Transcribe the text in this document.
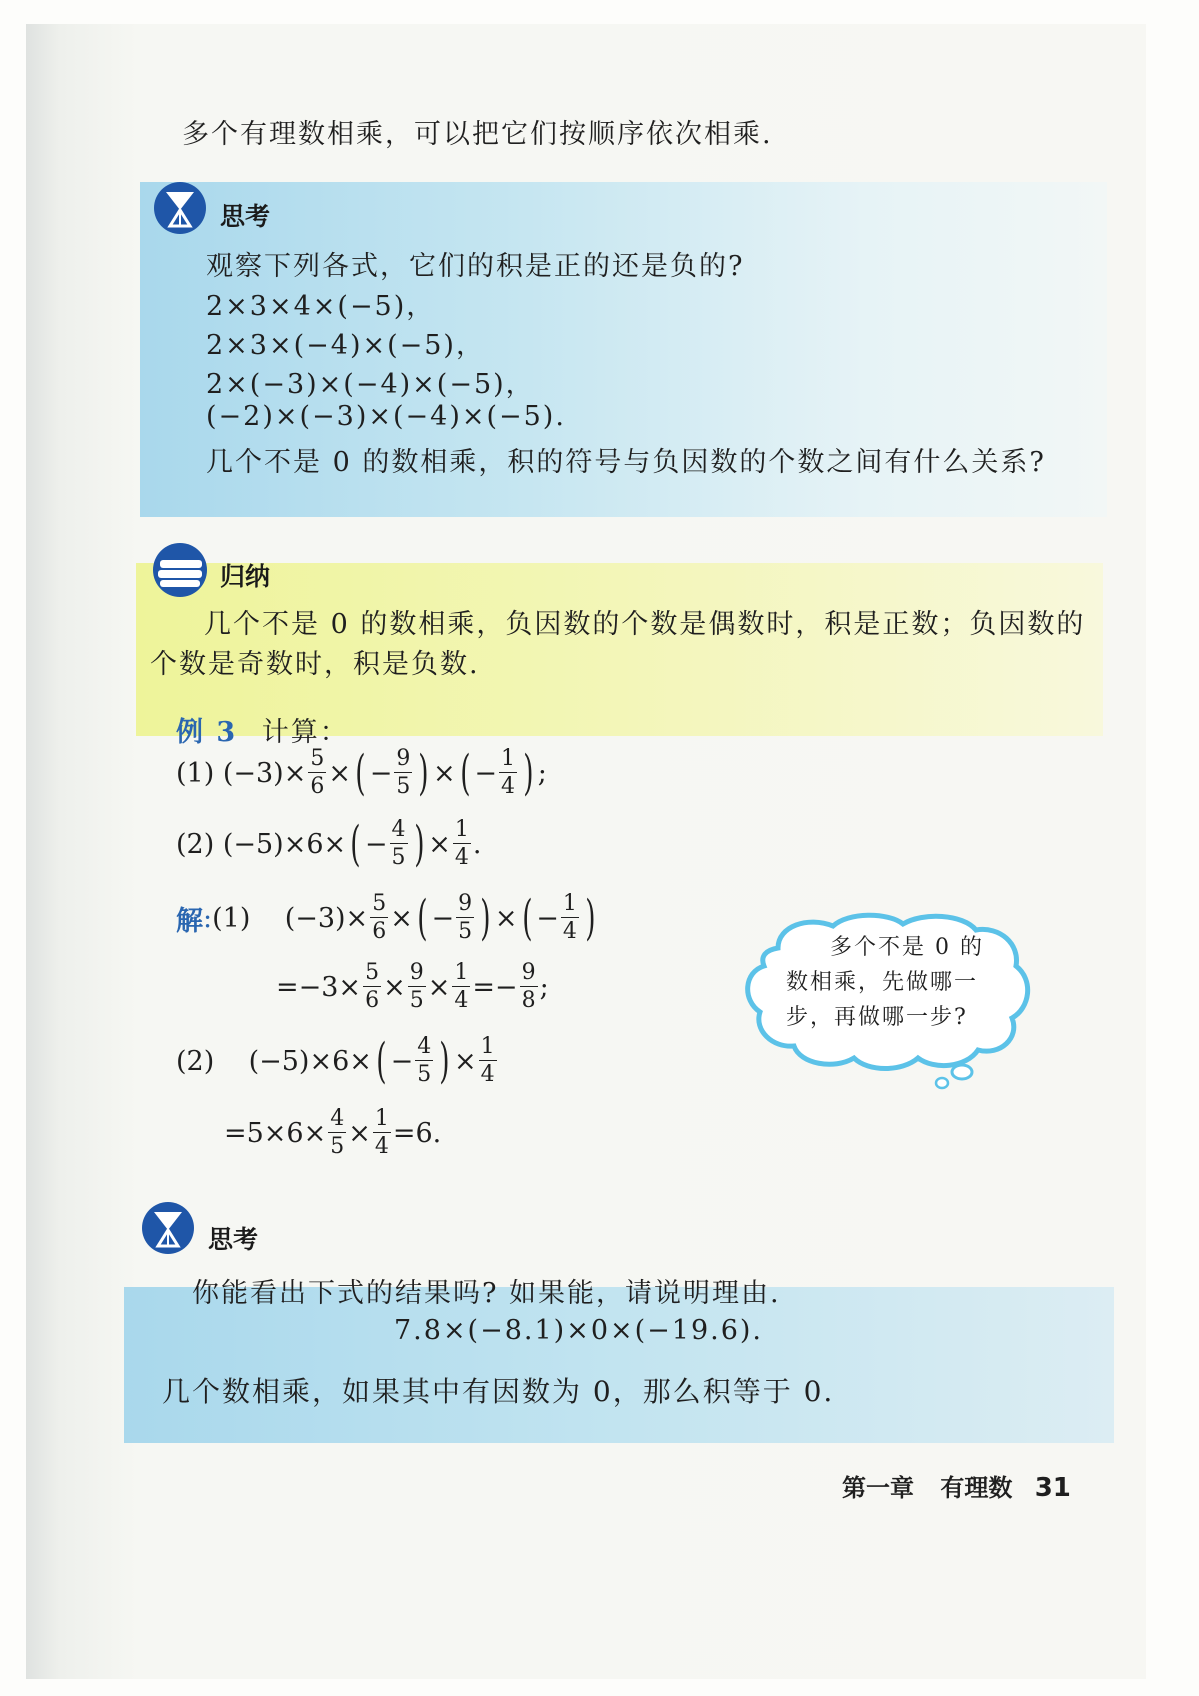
多个有理数相乘，可以把它们按顺序依次相乘.
思考
观察下列各式，它们的积是正的还是负的?
2×3×4×(−5)，
2×3×(−4)×(−5)，
2×(−3)×(−4)×(−5)，
(−2)×(−3)×(−4)×(−5).
几个不是 0 的数相乘，积的符号与负因数的个数之间有什么关系?
归纳
几个不是 0 的数相乘，负因数的个数是偶数时，积是正数；负因数的
个数是奇数时，积是负数.
例 3 计算：
(1) $(-3)\times \frac{5}{6}$ × ( − $\frac{9}{5}$ ) × ( − $\frac{1}{4}$ ) ;
(2) (−5)×6× ( − $\frac{4}{5}$ ) × $\frac{1}{4}$ .
解 : (1) $(-3)\times \frac{5}{6}$ × ( − $\frac{9}{5}$ ) × ( − $\frac{1}{4}$ )
$=-3\times \frac{5}{6} \times \frac{9}{5} \times \frac{1}{4} =- \frac{9}{8}$ ;
(2) (−5)×6× ( − $\frac{4}{5}$ ) × $\frac{1}{4}$
$=5\times 6\times \frac{4}{5} \times \frac{1}{4} =6$.
多个不是 0 的
数相乘，先做哪一
步，再做哪一步?
思考
你能看出下式的结果吗? 如果能，请说明理由.
7.8×(−8.1)×0×(−19.6).
几个数相乘，如果其中有因数为 0，那么积等于 0.
第一章 有理数 31
